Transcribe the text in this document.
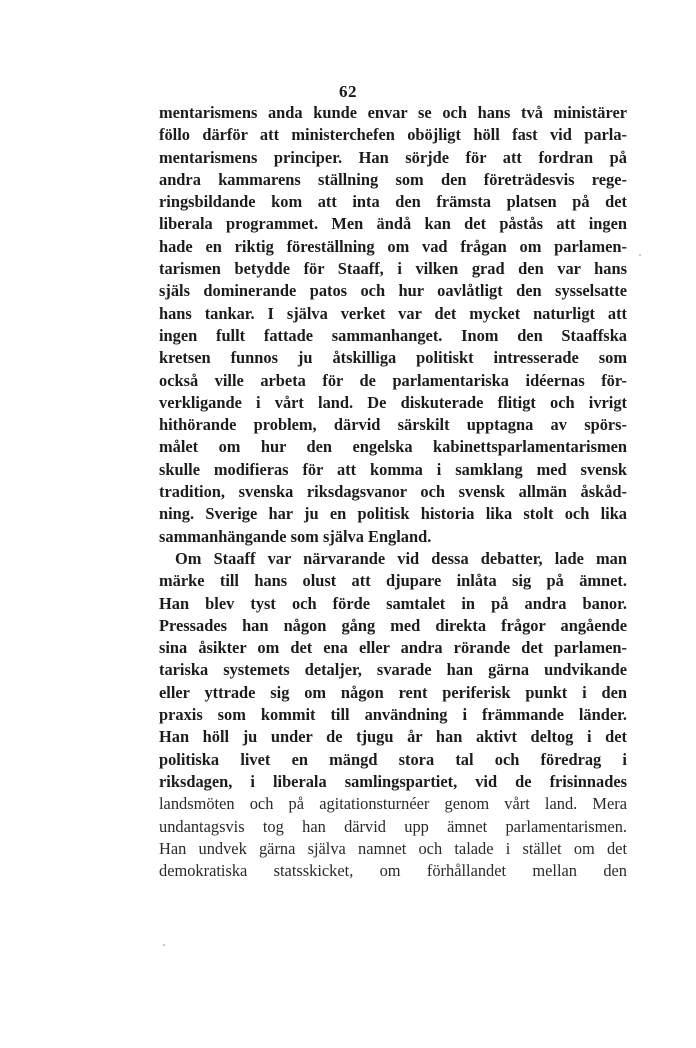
62
mentarismens anda kunde envar se och hans två ministärer
föllo därför att ministerchefen oböjligt höll fast vid parla-
mentarismens principer. Han sörjde för att fordran på
andra kammarens ställning som den företrädesvis rege-
ringsbildande kom att inta den främsta platsen på det
liberala programmet. Men ändå kan det påstås att ingen
hade en riktig föreställning om vad frågan om parlamen-
tarismen betydde för Staaff, i vilken grad den var hans
själs dominerande patos och hur oavlåtligt den sysselsatte
hans tankar. I själva verket var det mycket naturligt att
ingen fullt fattade sammanhanget. Inom den Staaffska
kretsen funnos ju åtskilliga politiskt intresserade som
också ville arbeta för de parlamentariska idéernas för-
verkligande i vårt land. De diskuterade flitigt och ivrigt
hithörande problem, därvid särskilt upptagna av spörs-
målet om hur den engelska kabinettsparlamentarismen
skulle modifieras för att komma i samklang med svensk
tradition, svenska riksdagsvanor och svensk allmän åskåd-
ning. Sverige har ju en politisk historia lika stolt och lika
sammanhängande som själva England.
Om Staaff var närvarande vid dessa debatter, lade man
märke till hans olust att djupare inlåta sig på ämnet.
Han blev tyst och förde samtalet in på andra banor.
Pressades han någon gång med direkta frågor angående
sina åsikter om det ena eller andra rörande det parlamen-
tariska systemets detaljer, svarade han gärna undvikande
eller yttrade sig om någon rent periferisk punkt i den
praxis som kommit till användning i främmande länder.
Han höll ju under de tjugu år han aktivt deltog i det
politiska livet en mängd stora tal och föredrag i
riksdagen, i liberala samlingspartiet, vid de frisinnades
landsmöten och på agitationsturnéer genom vårt land. Mera
undantagsvis tog han därvid upp ämnet parlamentarismen.
Han undvek gärna själva namnet och talade i stället om det
demokratiska statsskicket, om förhållandet mellan den
